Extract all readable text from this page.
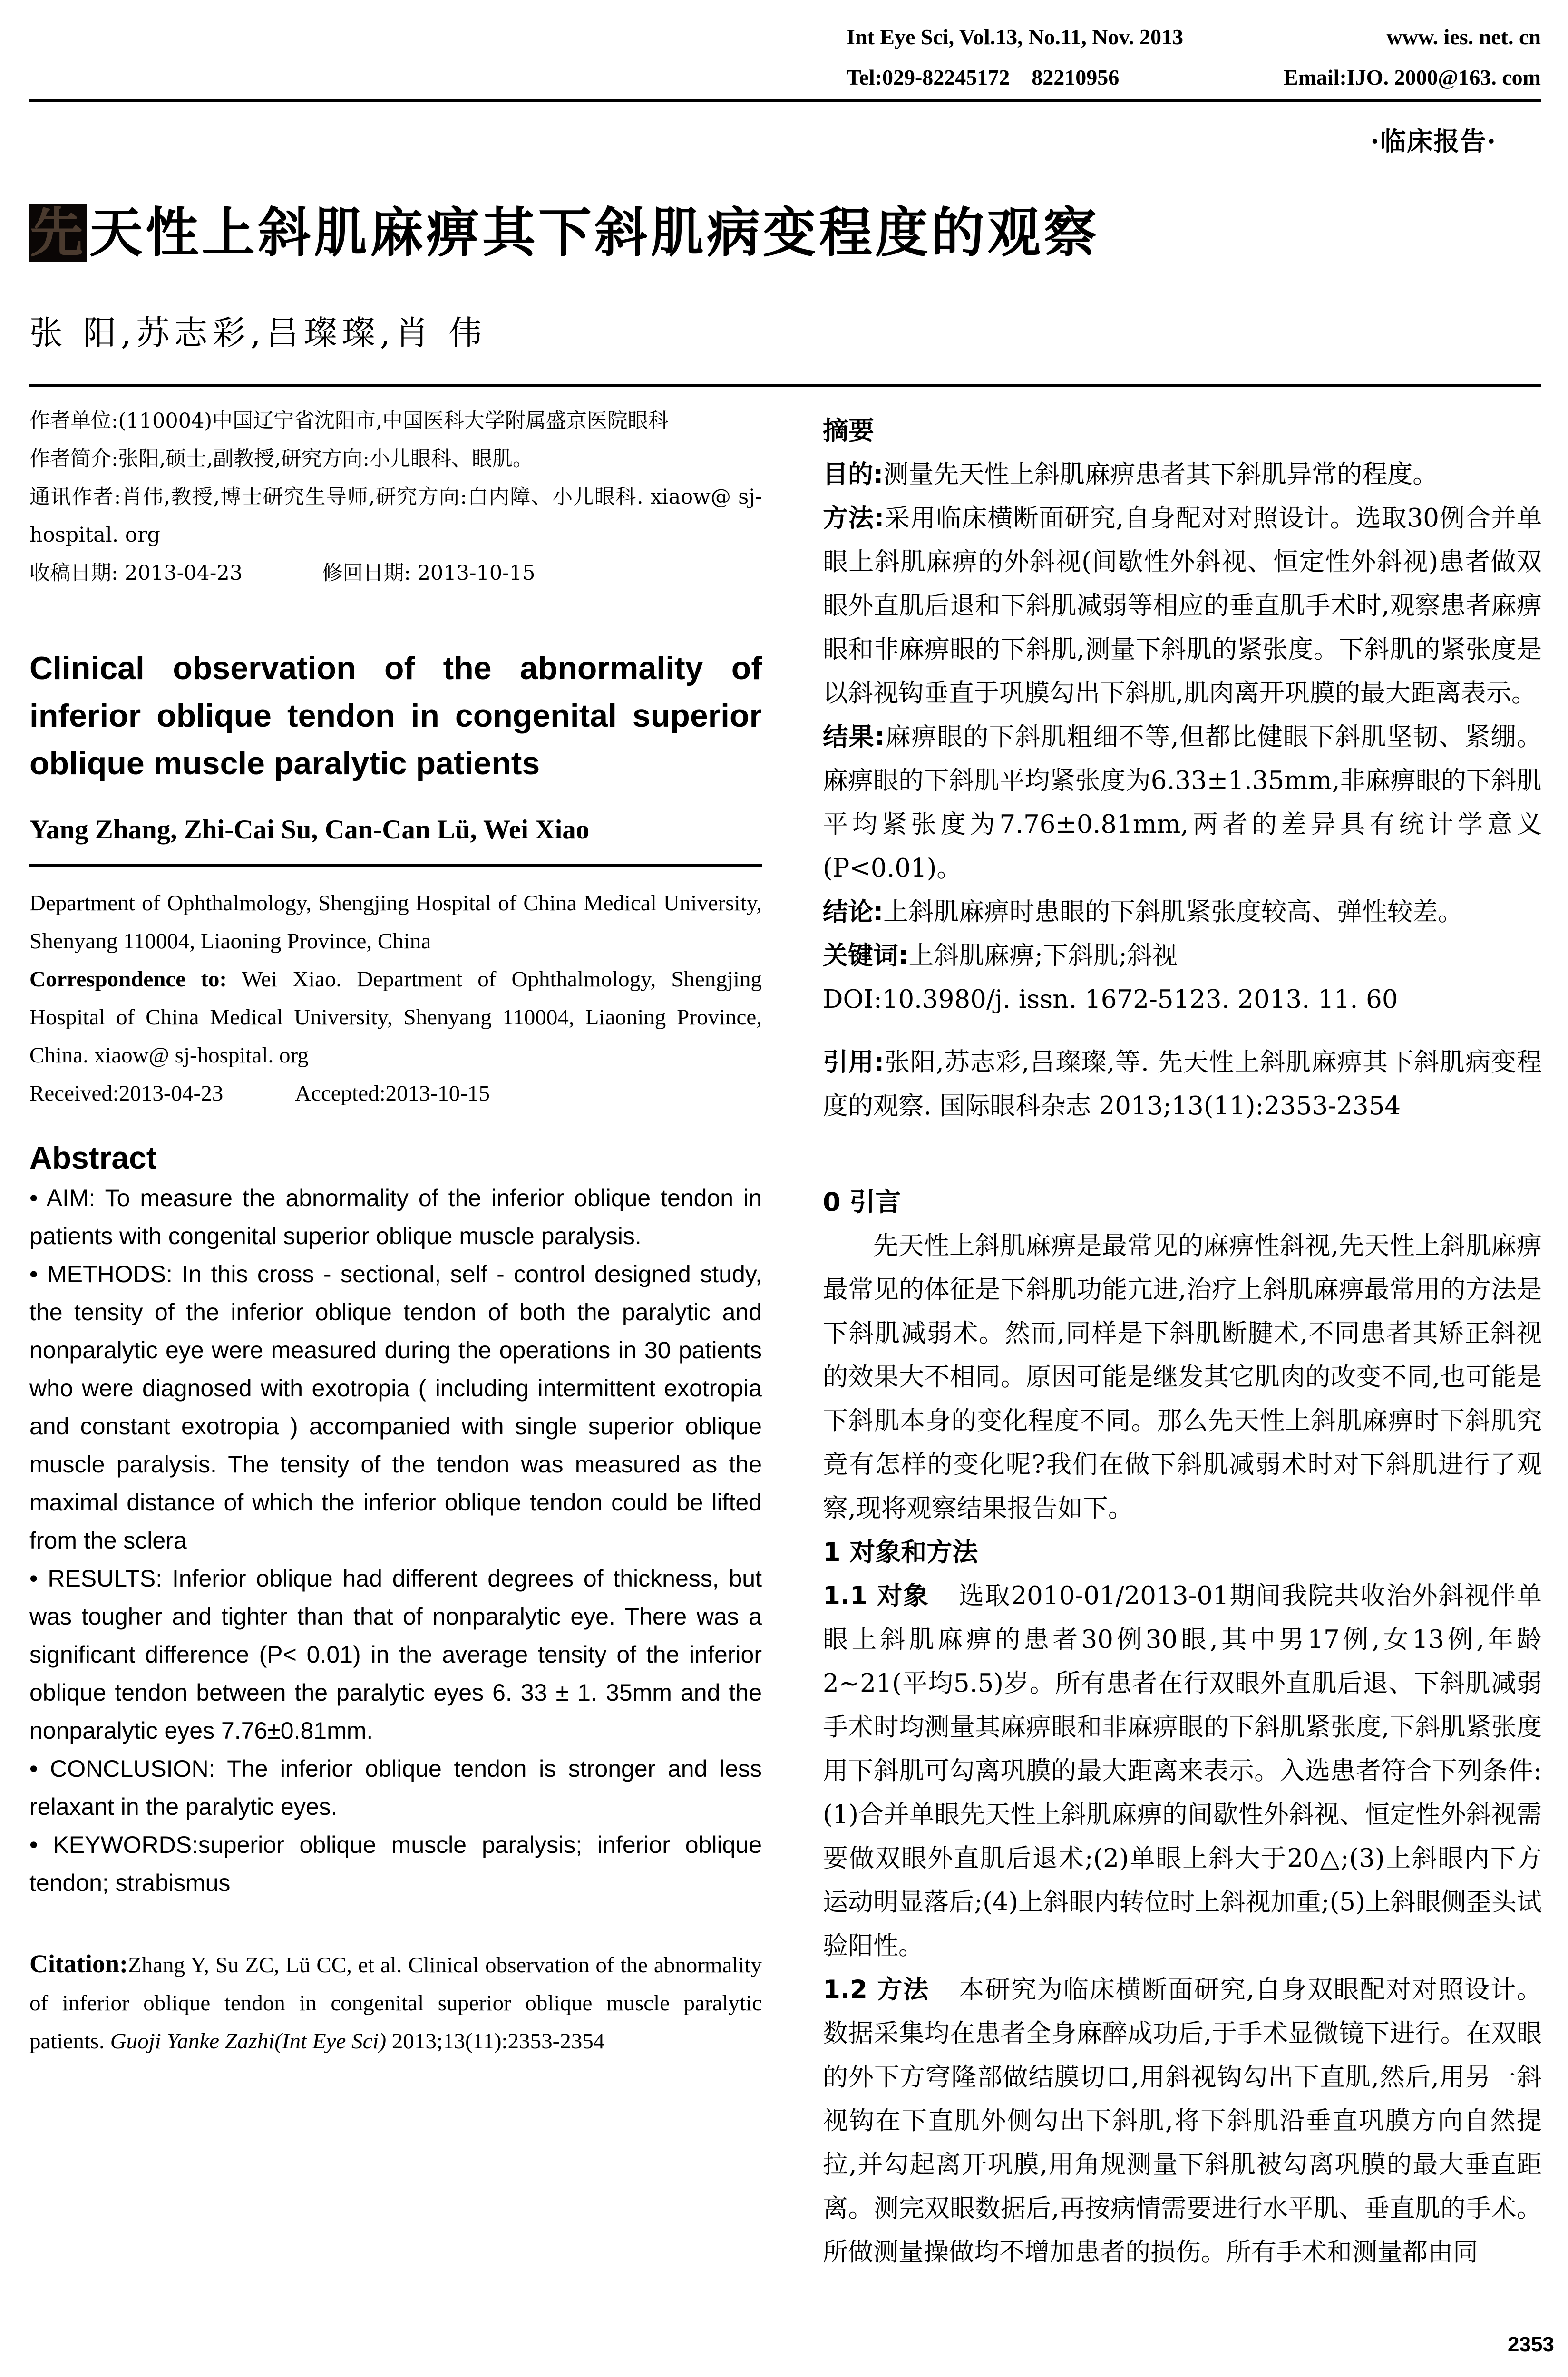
Int Eye Sci, Vol.13, No.11, Nov. 2013	www. ies. net. cn
Tel:029-82245172    82210956	Email:IJO. 2000@163. com
·临床报告·
先 天性上斜肌麻痹其下斜肌病变程度的观察
张 阳,苏志彩,吕璨璨,肖 伟

作者单位:(110004)中国辽宁省沈阳市,中国医科大学附属盛京医院眼科

作者简介:张阳,硕士,副教授,研究方向:小儿眼科、眼肌。

通讯作者:肖伟,教授,博士研究生导师,研究方向:白内障、小儿眼科. xiaow@ sj-hospital. org

收稿日期: 2013-04-23	修回日期: 2013-10-15

Clinical observation of the abnormality of inferior oblique tendon in congenital superior oblique muscle paralytic patients
Yang Zhang, Zhi-Cai Su, Can-Can Lü, Wei Xiao

Department of Ophthalmology, Shengjing Hospital of China Medical University, Shenyang 110004, Liaoning Province, China

Correspondence to: Wei Xiao. Department of Ophthalmology, Shengjing Hospital of China Medical University, Shenyang 110004, Liaoning Province, China. xiaow@ sj-hospital. org

Received:2013-04-23	Accepted:2013-10-15

Abstract

• AIM: To measure the abnormality of the inferior oblique tendon in patients with congenital superior oblique muscle paralysis.

• METHODS: In this cross - sectional, self - control designed study, the tensity of the inferior oblique tendon of both the paralytic and nonparalytic eye were measured during the operations in 30 patients who were diagnosed with exotropia ( including intermittent exotropia and constant exotropia ) accompanied with single superior oblique muscle paralysis. The tensity of the tendon was measured as the maximal distance of which the inferior oblique tendon could be lifted from the sclera

• RESULTS: Inferior oblique had different degrees of thickness, but was tougher and tighter than that of nonparalytic eye. There was a significant difference (P< 0.01) in the average tensity of the inferior oblique tendon between the paralytic eyes 6. 33 ± 1. 35mm and the nonparalytic eyes 7.76±0.81mm.

• CONCLUSION: The inferior oblique tendon is stronger and less relaxant in the paralytic eyes.

• KEYWORDS:superior oblique muscle paralysis; inferior oblique tendon; strabismus

Citation:Zhang Y, Su ZC, Lü CC, et al. Clinical observation of the abnormality of inferior oblique tendon in congenital superior oblique muscle paralytic patients. Guoji Yanke Zazhi(Int Eye Sci) 2013;13(11):2353-2354
摘要

目的:测量先天性上斜肌麻痹患者其下斜肌异常的程度。

方法:采用临床横断面研究,自身配对对照设计。选取30例合并单眼上斜肌麻痹的外斜视(间歇性外斜视、恒定性外斜视)患者做双眼外直肌后退和下斜肌减弱等相应的垂直肌手术时,观察患者麻痹眼和非麻痹眼的下斜肌,测量下斜肌的紧张度。下斜肌的紧张度是以斜视钩垂直于巩膜勾出下斜肌,肌肉离开巩膜的最大距离表示。

结果:麻痹眼的下斜肌粗细不等,但都比健眼下斜肌坚韧、紧绷。麻痹眼的下斜肌平均紧张度为6.33±1.35mm,非麻痹眼的下斜肌平均紧张度为7.76±0.81mm,两者的差异具有统计学意义(P<0.01)。

结论:上斜肌麻痹时患眼的下斜肌紧张度较高、弹性较差。

关键词:上斜肌麻痹;下斜肌;斜视

DOI:10.3980/j. issn. 1672-5123. 2013. 11. 60

引用:张阳,苏志彩,吕璨璨,等. 先天性上斜肌麻痹其下斜肌病变程度的观察. 国际眼科杂志 2013;13(11):2353-2354
0 引言
先天性上斜肌麻痹是最常见的麻痹性斜视,先天性上斜肌麻痹最常见的体征是下斜肌功能亢进,治疗上斜肌麻痹最常用的方法是下斜肌减弱术。然而,同样是下斜肌断腱术,不同患者其矫正斜视的效果大不相同。原因可能是继发其它肌肉的改变不同,也可能是下斜肌本身的变化程度不同。那么先天性上斜肌麻痹时下斜肌究竟有怎样的变化呢?我们在做下斜肌减弱术时对下斜肌进行了观察,现将观察结果报告如下。
1 对象和方法
1.1 对象 选取2010-01/2013-01期间我院共收治外斜视伴单眼上斜肌麻痹的患者30例30眼,其中男17例,女13例,年龄2~21(平均5.5)岁。所有患者在行双眼外直肌后退、下斜肌减弱手术时均测量其麻痹眼和非麻痹眼的下斜肌紧张度,下斜肌紧张度用下斜肌可勾离巩膜的最大距离来表示。入选患者符合下列条件:(1)合并单眼先天性上斜肌麻痹的间歇性外斜视、恒定性外斜视需要做双眼外直肌后退术;(2)单眼上斜大于20△;(3)上斜眼内下方运动明显落后;(4)上斜眼内转位时上斜视加重;(5)上斜眼侧歪头试验阳性。
1.2 方法 本研究为临床横断面研究,自身双眼配对对照设计。数据采集均在患者全身麻醉成功后,于手术显微镜下进行。在双眼的外下方穹隆部做结膜切口,用斜视钩勾出下直肌,然后,用另一斜视钩在下直肌外侧勾出下斜肌,将下斜肌沿垂直巩膜方向自然提拉,并勾起离开巩膜,用角规测量下斜肌被勾离巩膜的最大垂直距离。测完双眼数据后,再按病情需要进行水平肌、垂直肌的手术。所做测量操做均不增加患者的损伤。所有手术和测量都由同
2353
